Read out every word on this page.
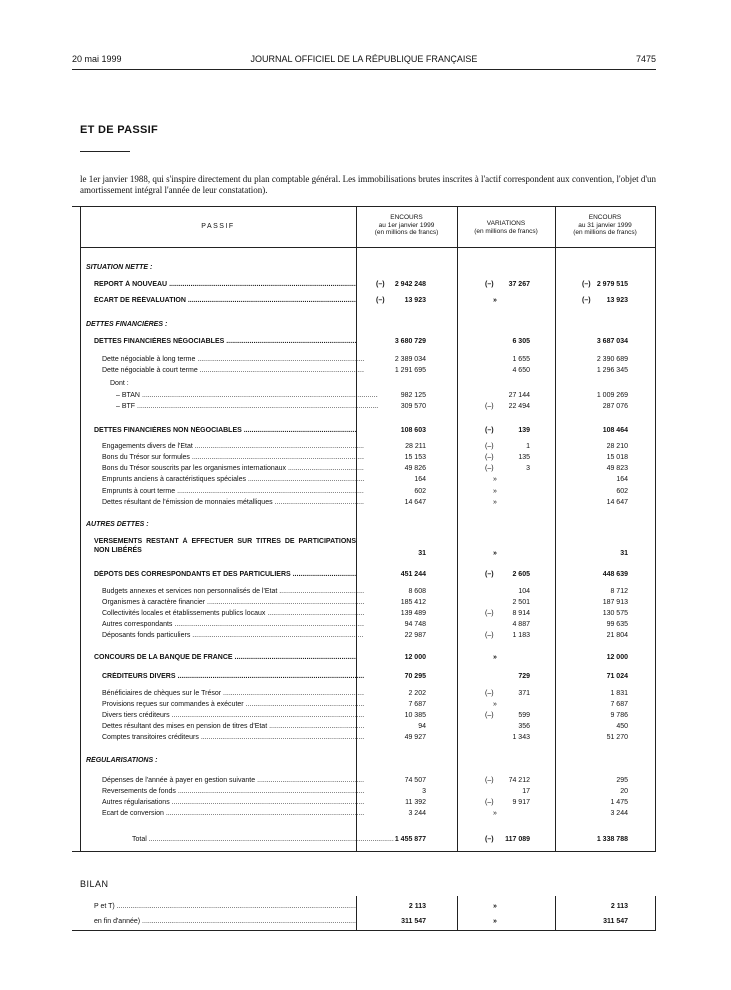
20 mai 1999	JOURNAL OFFICIEL DE LA RÉPUBLIQUE FRANÇAISE	7475
ET DE PASSIF
le 1er janvier 1988, qui s'inspire directement du plan comptable général. Les immobilisations brutes inscrites à l'actif correspondent aux convention, l'objet d'un amortissement intégral l'année de leur constatation).
PASSIF
ENCOURS
au 1er janvier 1999
(en millions de francs)
VARIATIONS
(en millions de francs)
ENCOURS
au 31 janvier 1999
(en millions de francs)
SITUATION NETTE :
REPORT À NOUVEAU .....	(–)	2 942 248	(–)	37 267	(–) 2 979 515
ÉCART DE RÉÉVALUATION .....	(–)	13 923	»	(–)	13 923
DETTES FINANCIÈRES :
DETTES FINANCIÈRES NÉGOCIABLES .....	3 680 729	6 305	3 687 034
Dette négociable à long terme .....	2 389 034	1 655	2 390 689
Dette négociable à court terme .....	1 291 695	4 650	1 296 345
Dont :
– BTAN .....	982 125	27 144	1 009 269
– BTF .....	309 570	(–)	22 494	287 076
DETTES FINANCIÈRES NON NÉGOCIABLES .....	108 603	(–)	139	108 464
Engagements divers de l'Etat .....	28 211	(–)	1	28 210
Bons du Trésor sur formules .....	15 153	(–)	135	15 018
Bons du Trésor souscrits par les organismes internationaux .....	49 826	(–)	3	49 823
Emprunts anciens à caractéristiques spéciales .....	164	»	164
Emprunts à court terme .....	602	»	602
Dettes résultant de l'émission de monnaies métalliques .....	14 647	»	14 647
AUTRES DETTES :
VERSEMENTS RESTANT À EFFECTUER SUR TITRES DE PARTICIPATIONS NON LIBÉRÉS	31	»	31
DÉPÔTS DES CORRESPONDANTS ET DES PARTICULIERS .....	451 244	(–)	2 605	448 639
Budgets annexes et services non personnalisés de l'Etat .....	8 608	104	8 712
Organismes à caractère financier .....	185 412	2 501	187 913
Collectivités locales et établissements publics locaux .....	139 489	(–)	8 914	130 575
Autres correspondants .....	94 748	4 887	99 635
Déposants fonds particuliers .....	22 987	(–)	1 183	21 804
CONCOURS DE LA BANQUE DE FRANCE .....	12 000	»	12 000
CRÉDITEURS DIVERS .....	70 295	729	71 024
Bénéficiaires de chèques sur le Trésor .....	2 202	(–)	371	1 831
Provisions reçues sur commandes à exécuter .....	7 687	»	7 687
Divers tiers créditeurs .....	10 385	(–)	599	9 786
Dettes résultant des mises en pension de titres d'Etat .....	94	356	450
Comptes transitoires créditeurs .....	49 927	1 343	51 270
RÉGULARISATIONS :
Dépenses de l'année à payer en gestion suivante .....	74 507	(–)	74 212	295
Reversements de fonds .....	3	17	20
Autres régularisations .....	11 392	(–)	9 917	1 475
Ecart de conversion .....	3 244	»	3 244
Total .....	1 455 877	(–)	117 089	1 338 788
BILAN
P et T) .....	2 113	»	2 113
en fin d'année) .....	311 547	»	311 547
